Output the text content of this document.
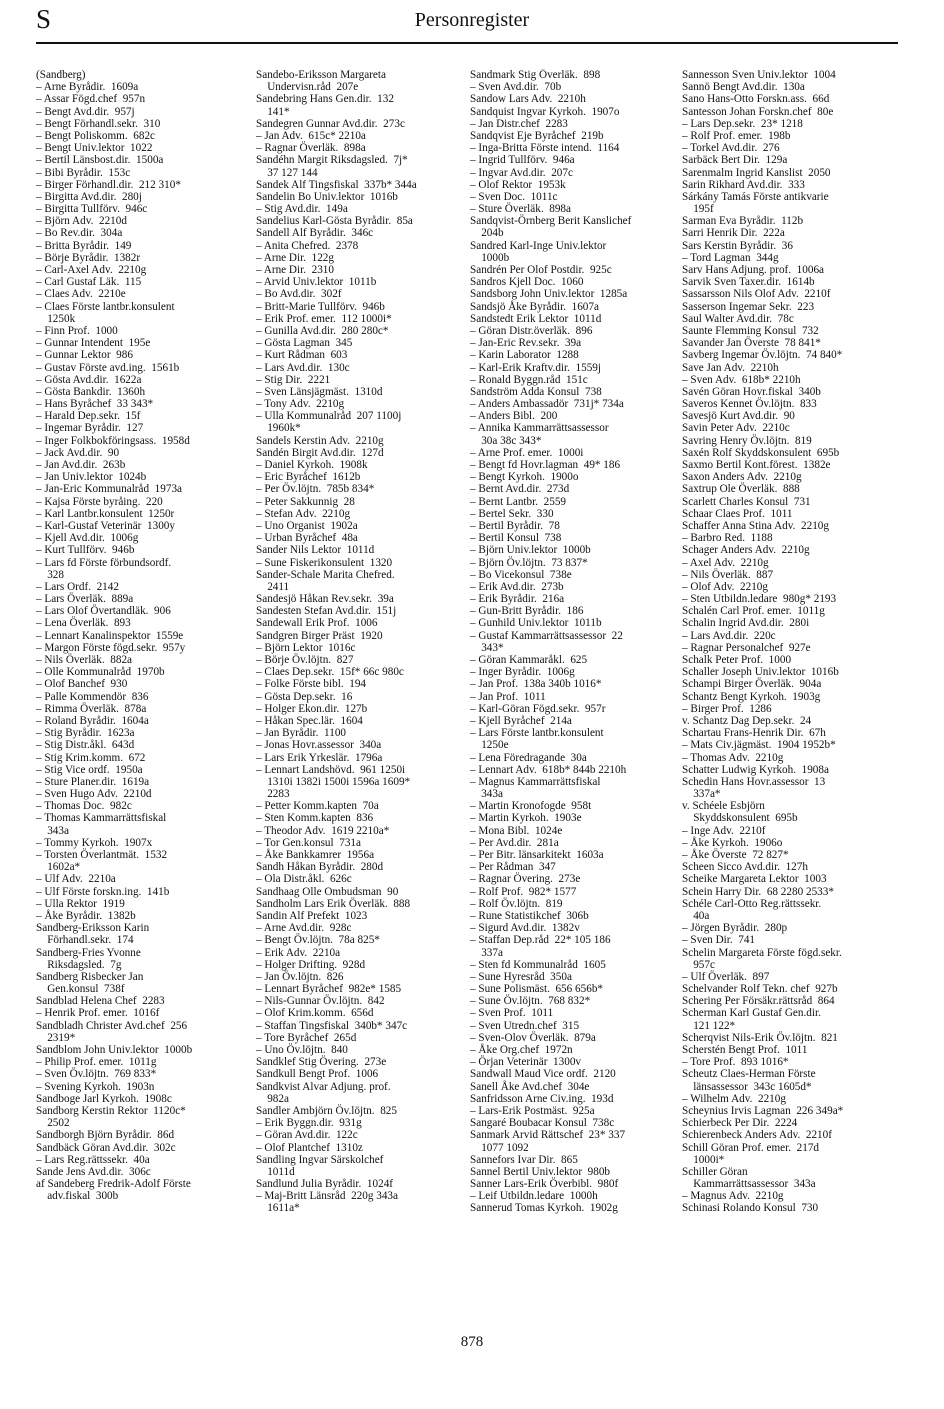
S	Personregister
(Sandberg)
– Arne Byrådir.  1609a
– Assar Fögd.chef  957n
– Bengt Avd.dir.  957j
– Bengt Förhandl.sekr.  310
– Bengt Poliskomm.  682c
– Bengt Univ.lektor  1022
– Bertil Länsbost.dir.  1500a
– Bibi Byrådir.  153c
– Birger Förhandl.dir.  212 310*
– Birgitta Avd.dir.  280j
– Birgitta Tullförv.  946c
– Björn Adv.  2210d
– Bo Rev.dir.  304a
– Britta Byrådir.  149
– Börje Byrådir.  1382r
– Carl-Axel Adv.  2210g
– Carl Gustaf Läk.  115
– Claes Adv.  2210e
– Claes Förste lantbr.konsulent
1250k
– Finn Prof.  1000
– Gunnar Intendent  195e
– Gunnar Lektor  986
– Gustav Förste avd.ing.  1561b
– Gösta Avd.dir.  1622a
– Gösta Bankdir.  1360h
– Hans Byråchef  33 343*
– Harald Dep.sekr.  15f
– Ingemar Byrådir.  127
– Inger Folkbokföringsass.  1958d
– Jack Avd.dir.  90
– Jan Avd.dir.  263b
– Jan Univ.lektor  1024b
– Jan-Eric Kommunalråd  1973a
– Kajsa Förste byråing.  220
– Karl Lantbr.konsulent  1250r
– Karl-Gustaf Veterinär  1300y
– Kjell Avd.dir.  1006g
– Kurt Tullförv.  946b
– Lars fd Förste förbundsordf.
328
– Lars Ordf.  2142
– Lars Överläk.  889a
– Lars Olof Övertandläk.  906
– Lena Överläk.  893
– Lennart Kanalinspektor  1559e
– Margon Förste fögd.sekr.  957y
– Nils Överläk.  882a
– Olle Kommunalråd  1970b
– Olof Banchef  930
– Palle Kommendör  836
– Rimma Överläk.  878a
– Roland Byrådir.  1604a
– Stig Byrådir.  1623a
– Stig Distr.åkl.  643d
– Stig Krim.komm.  672
– Stig Vice ordf.  1950a
– Sture Planer.dir.  1619a
– Sven Hugo Adv.  2210d
– Thomas Doc.  982c
– Thomas Kammarrättsfiskal
343a
– Tommy Kyrkoh.  1907x
– Torsten Överlantmät.  1532
1602a*
– Ulf Adv.  2210a
– Ulf Förste forskn.ing.  141b
– Ulla Rektor  1919
– Åke Byrådir.  1382b
Sandberg-Eriksson Karin
Förhandl.sekr.  174
Sandberg-Fries Yvonne
Riksdagsled.  7g
Sandberg Risbecker Jan
Gen.konsul  738f
Sandblad Helena Chef  2283
– Henrik Prof. emer.  1016f
Sandbladh Christer Avd.chef  256
2319*
Sandblom John Univ.lektor  1000b
– Philip Prof. emer.  1011g
– Sven Öv.löjtn.  769 833*
– Svening Kyrkoh.  1903n
Sandboge Jarl Kyrkoh.  1908c
Sandborg Kerstin Rektor  1120c*
2502
Sandborgh Björn Byrådir.  86d
Sandbäck Göran Avd.dir.  302c
– Lars Reg.rättssekr.  40a
Sande Jens Avd.dir.  306c
af Sandeberg Fredrik-Adolf Förste
adv.fiskal  300b
Sandebo-Eriksson Margareta
Undervisn.råd  207e
Sandebring Hans Gen.dir.  132
141*
Sandegren Gunnar Avd.dir.  273c
– Jan Adv.  615c* 2210a
– Ragnar Överläk.  898a
Sandéhn Margit Riksdagsled.  7j*
37 127 144
Sandek Alf Tingsfiskal  337b* 344a
Sandelin Bo Univ.lektor  1016b
– Stig Avd.dir.  149a
Sandelius Karl-Gösta Byrådir.  85a
Sandell Alf Byrådir.  346c
– Anita Chefred.  2378
– Arne Dir.  122g
– Arne Dir.  2310
– Arvid Univ.lektor  1011b
– Bo Avd.dir.  302f
– Britt-Marie Tullförv.  946b
– Erik Prof. emer.  112 1000i*
– Gunilla Avd.dir.  280 280c*
– Gösta Lagman  345
– Kurt Rådman  603
– Lars Avd.dir.  130c
– Stig Dir.  2221
– Sven Länsjägmäst.  1310d
– Tony Adv.  2210g
– Ulla Kommunalråd  207 1100j
1960k*
Sandels Kerstin Adv.  2210g
Sandén Birgit Avd.dir.  127d
– Daniel Kyrkoh.  1908k
– Eric Byråchef  1612b
– Per Öv.löjtn.  785b 834*
– Peter Sakkunnig  28
– Stefan Adv.  2210g
– Uno Organist  1902a
– Urban Byråchef  48a
Sander Nils Lektor  1011d
– Sune Fiskerikonsulent  1320
Sander-Schale Marita Chefred.
2411
Sandesjö Håkan Rev.sekr.  39a
Sandesten Stefan Avd.dir.  151j
Sandewall Erik Prof.  1006
Sandgren Birger Präst  1920
– Björn Lektor  1016c
– Börje Öv.löjtn.  827
– Claes Dep.sekr.  15f* 66c 980c
– Folke Förste bibl.  194
– Gösta Dep.sekr.  16
– Holger Ekon.dir.  127b
– Håkan Spec.lär.  1604
– Jan Byrådir.  1100
– Jonas Hovr.assessor  340a
– Lars Erik Yrkeslär.  1796a
– Lennart Landshövd.  961 1250i
1310i 1382i 1500i 1596a 1609*
2283
– Petter Komm.kapten  70a
– Sten Komm.kapten  836
– Theodor Adv.  1619 2210a*
– Tor Gen.konsul  731a
– Åke Bankkamrer  1956a
Sandh Håkan Byrådir.  280d
– Ola Distr.åkl.  626c
Sandhaag Olle Ombudsman  90
Sandholm Lars Erik Överläk.  888
Sandin Alf Prefekt  1023
– Arne Avd.dir.  928c
– Bengt Öv.löjtn.  78a 825*
– Erik Adv.  2210a
– Holger Drifting.  928d
– Jan Öv.löjtn.  826
– Lennart Byråchef  982e* 1585
– Nils-Gunnar Öv.löjtn.  842
– Olof Krim.komm.  656d
– Staffan Tingsfiskal  340b* 347c
– Tore Byråchef  265d
– Uno Öv.löjtn.  840
Sandklef Stig Övering.  273e
Sandkull Bengt Prof.  1006
Sandkvist Alvar Adjung. prof.
982a
Sandler Ambjörn Öv.löjtn.  825
– Erik Byggn.dir.  931g
– Göran Avd.dir.  122c
– Olof Plantchef  1310z
Sandling Ingvar Särskolchef
1011d
Sandlund Julia Byrådir.  1024f
– Maj-Britt Länsråd  220g 343a
1611a*
Sandmark Stig Överläk.  898
– Sven Avd.dir.  70b
Sandow Lars Adv.  2210h
Sandquist Ingvar Kyrkoh.  1907o
– Jan Distr.chef  2283
Sandqvist Eje Byråchef  219b
– Inga-Britta Förste intend.  1164
– Ingrid Tullförv.  946a
– Ingvar Avd.dir.  207c
– Olof Rektor  1953k
– Sven Doc.  1011c
– Sture Överläk.  898a
Sandqvist-Örnberg Berit Kanslichef
204b
Sandred Karl-Inge Univ.lektor
1000b
Sandrén Per Olof Postdir.  925c
Sandros Kjell Doc.  1060
Sandsborg John Univ.lektor  1285a
Sandsjö Åke Byrådir.  1607a
Sandstedt Erik Lektor  1011d
– Göran Distr.överläk.  896
– Jan-Eric Rev.sekr.  39a
– Karin Laborator  1288
– Karl-Erik Kraftv.dir.  1559j
– Ronald Byggn.råd  151c
Sandström Adda Konsul  738
– Anders Ambassadör  731j* 734a
– Anders Bibl.  200
– Annika Kammarrättsassessor
30a 38c 343*
– Arne Prof. emer.  1000i
– Bengt fd Hovr.lagman  49* 186
– Bengt Kyrkoh.  1900o
– Bernt Avd.dir.  273d
– Bernt Lantbr.  2559
– Bertel Sekr.  330
– Bertil Byrådir.  78
– Bertil Konsul  738
– Björn Univ.lektor  1000b
– Björn Öv.löjtn.  73 837*
– Bo Vicekonsul  738e
– Erik Avd.dir.  273b
– Erik Byrådir.  216a
– Gun-Britt Byrådir.  186
– Gunhild Univ.lektor  1011b
– Gustaf Kammarrättsassessor  22
343*
– Göran Kammaråkl.  625
– Inger Byrådir.  1006g
– Jan Prof.  138a 340b 1016*
– Jan Prof.  1011
– Karl-Göran Fögd.sekr.  957r
– Kjell Byråchef  214a
– Lars Förste lantbr.konsulent
1250e
– Lena Föredragande  30a
– Lennart Adv.  618b* 844b 2210h
– Magnus Kammarrättsfiskal
343a
– Martin Kronofogde  958t
– Martin Kyrkoh.  1903e
– Mona Bibl.  1024e
– Per Avd.dir.  281a
– Per Bitr. länsarkitekt  1603a
– Per Rådman  347
– Ragnar Övering.  273e
– Rolf Prof.  982* 1577
– Rolf Öv.löjtn.  819
– Rune Statistikchef  306b
– Sigurd Avd.dir.  1382v
– Staffan Dep.råd  22* 105 186
337a
– Sten fd Kommunalråd  1605
– Sune Hyresråd  350a
– Sune Polismäst.  656 656b*
– Sune Öv.löjtn.  768 832*
– Sven Prof.  1011
– Sven Utredn.chef  315
– Sven-Olov Överläk.  879a
– Åke Org.chef  1972n
– Örjan Veterinär  1300v
Sandwall Maud Vice ordf.  2120
Sanell Åke Avd.chef  304e
Sanfridsson Arne Civ.ing.  193d
– Lars-Erik Postmäst.  925a
Sangaré Boubacar Konsul  738c
Sanmark Arvid Rättschef  23* 337
1077 1092
Sannefors Ivar Dir.  865
Sannel Bertil Univ.lektor  980b
Sanner Lars-Erik Överbibl.  980f
– Leif Utbildn.ledare  1000h
Sannerud Tomas Kyrkoh.  1902g
Sannesson Sven Univ.lektor  1004
Sannö Bengt Avd.dir.  130a
Sano Hans-Otto Forskn.ass.  66d
Santesson Johan Forskn.chef  80e
– Lars Dep.sekr.  23* 1218
– Rolf Prof. emer.  198b
– Torkel Avd.dir.  276
Sarbäck Bert Dir.  129a
Sarenmalm Ingrid Kanslist  2050
Sarin Rikhard Avd.dir.  333
Sárkány Tamás Förste antikvarie
195f
Sarman Eva Byrådir.  112b
Sarri Henrik Dir.  222a
Sars Kerstin Byrådir.  36
– Tord Lagman  344g
Sarv Hans Adjung. prof.  1006a
Sarvik Sven Taxer.dir.  1614b
Sassarsson Nils Olof Adv.  2210f
Sasserson Ingemar Sekr.  223
Saul Walter Avd.dir.  78c
Saunte Flemming Konsul  732
Savander Jan Överste  78 841*
Savberg Ingemar Öv.löjtn.  74 840*
Save Jan Adv.  2210h
– Sven Adv.  618b* 2210h
Savén Göran Hovr.fiskal  340b
Saveros Kennet Öv.löjtn.  833
Savesjö Kurt Avd.dir.  90
Savin Peter Adv.  2210c
Savring Henry Öv.löjtn.  819
Saxén Rolf Skyddskonsulent  695b
Saxmo Bertil Kont.förest.  1382e
Saxon Anders Adv.  2210g
Saxtrup Ole Överläk.  888
Scarlett Charles Konsul  731
Schaar Claes Prof.  1011
Schaffer Anna Stina Adv.  2210g
– Barbro Red.  1188
Schager Anders Adv.  2210g
– Axel Adv.  2210g
– Nils Överläk.  887
– Olof Adv.  2210g
– Sten Utbildn.ledare  980g* 2193
Schalén Carl Prof. emer.  1011g
Schalin Ingrid Avd.dir.  280i
– Lars Avd.dir.  220c
– Ragnar Personalchef  927e
Schalk Peter Prof.  1000
Schaller Joseph Univ.lektor  1016b
Schampi Birger Överläk.  904a
Schantz Bengt Kyrkoh.  1903g
– Birger Prof.  1286
v. Schantz Dag Dep.sekr.  24
Schartau Frans-Henrik Dir.  67h
– Mats Civ.jägmäst.  1904 1952b*
– Thomas Adv.  2210g
Schatter Ludwig Kyrkoh.  1908a
Schedin Hans Hovr.assessor  13
337a*
v. Schéele Esbjörn
Skyddskonsulent  695b
– Inge Adv.  2210f
– Åke Kyrkoh.  1906o
– Åke Överste  72 827*
Scheen Sicco Avd.dir.  127h
Scheike Margareta Lektor  1003
Schein Harry Dir.  68 2280 2533*
Schéle Carl-Otto Reg.rättssekr.
40a
– Jörgen Byrådir.  280p
– Sven Dir.  741
Schelin Margareta Förste fögd.sekr.
957c
– Ulf Överläk.  897
Schelvander Rolf Tekn. chef  927b
Schering Per Försäkr.rättsråd  864
Scherman Karl Gustaf Gen.dir.
121 122*
Scherqvist Nils-Erik Öv.löjtn.  821
Scherstén Bengt Prof.  1011
– Tore Prof.  893 1016*
Scheutz Claes-Herman Förste
länsassessor  343c 1605d*
– Wilhelm Adv.  2210g
Scheynius Irvis Lagman  226 349a*
Schierbeck Per Dir.  2224
Schierenbeck Anders Adv.  2210f
Schill Göran Prof. emer.  217d
1000i*
Schiller Göran
Kammarrättsassessor  343a
– Magnus Adv.  2210g
Schinasi Rolando Konsul  730
878
